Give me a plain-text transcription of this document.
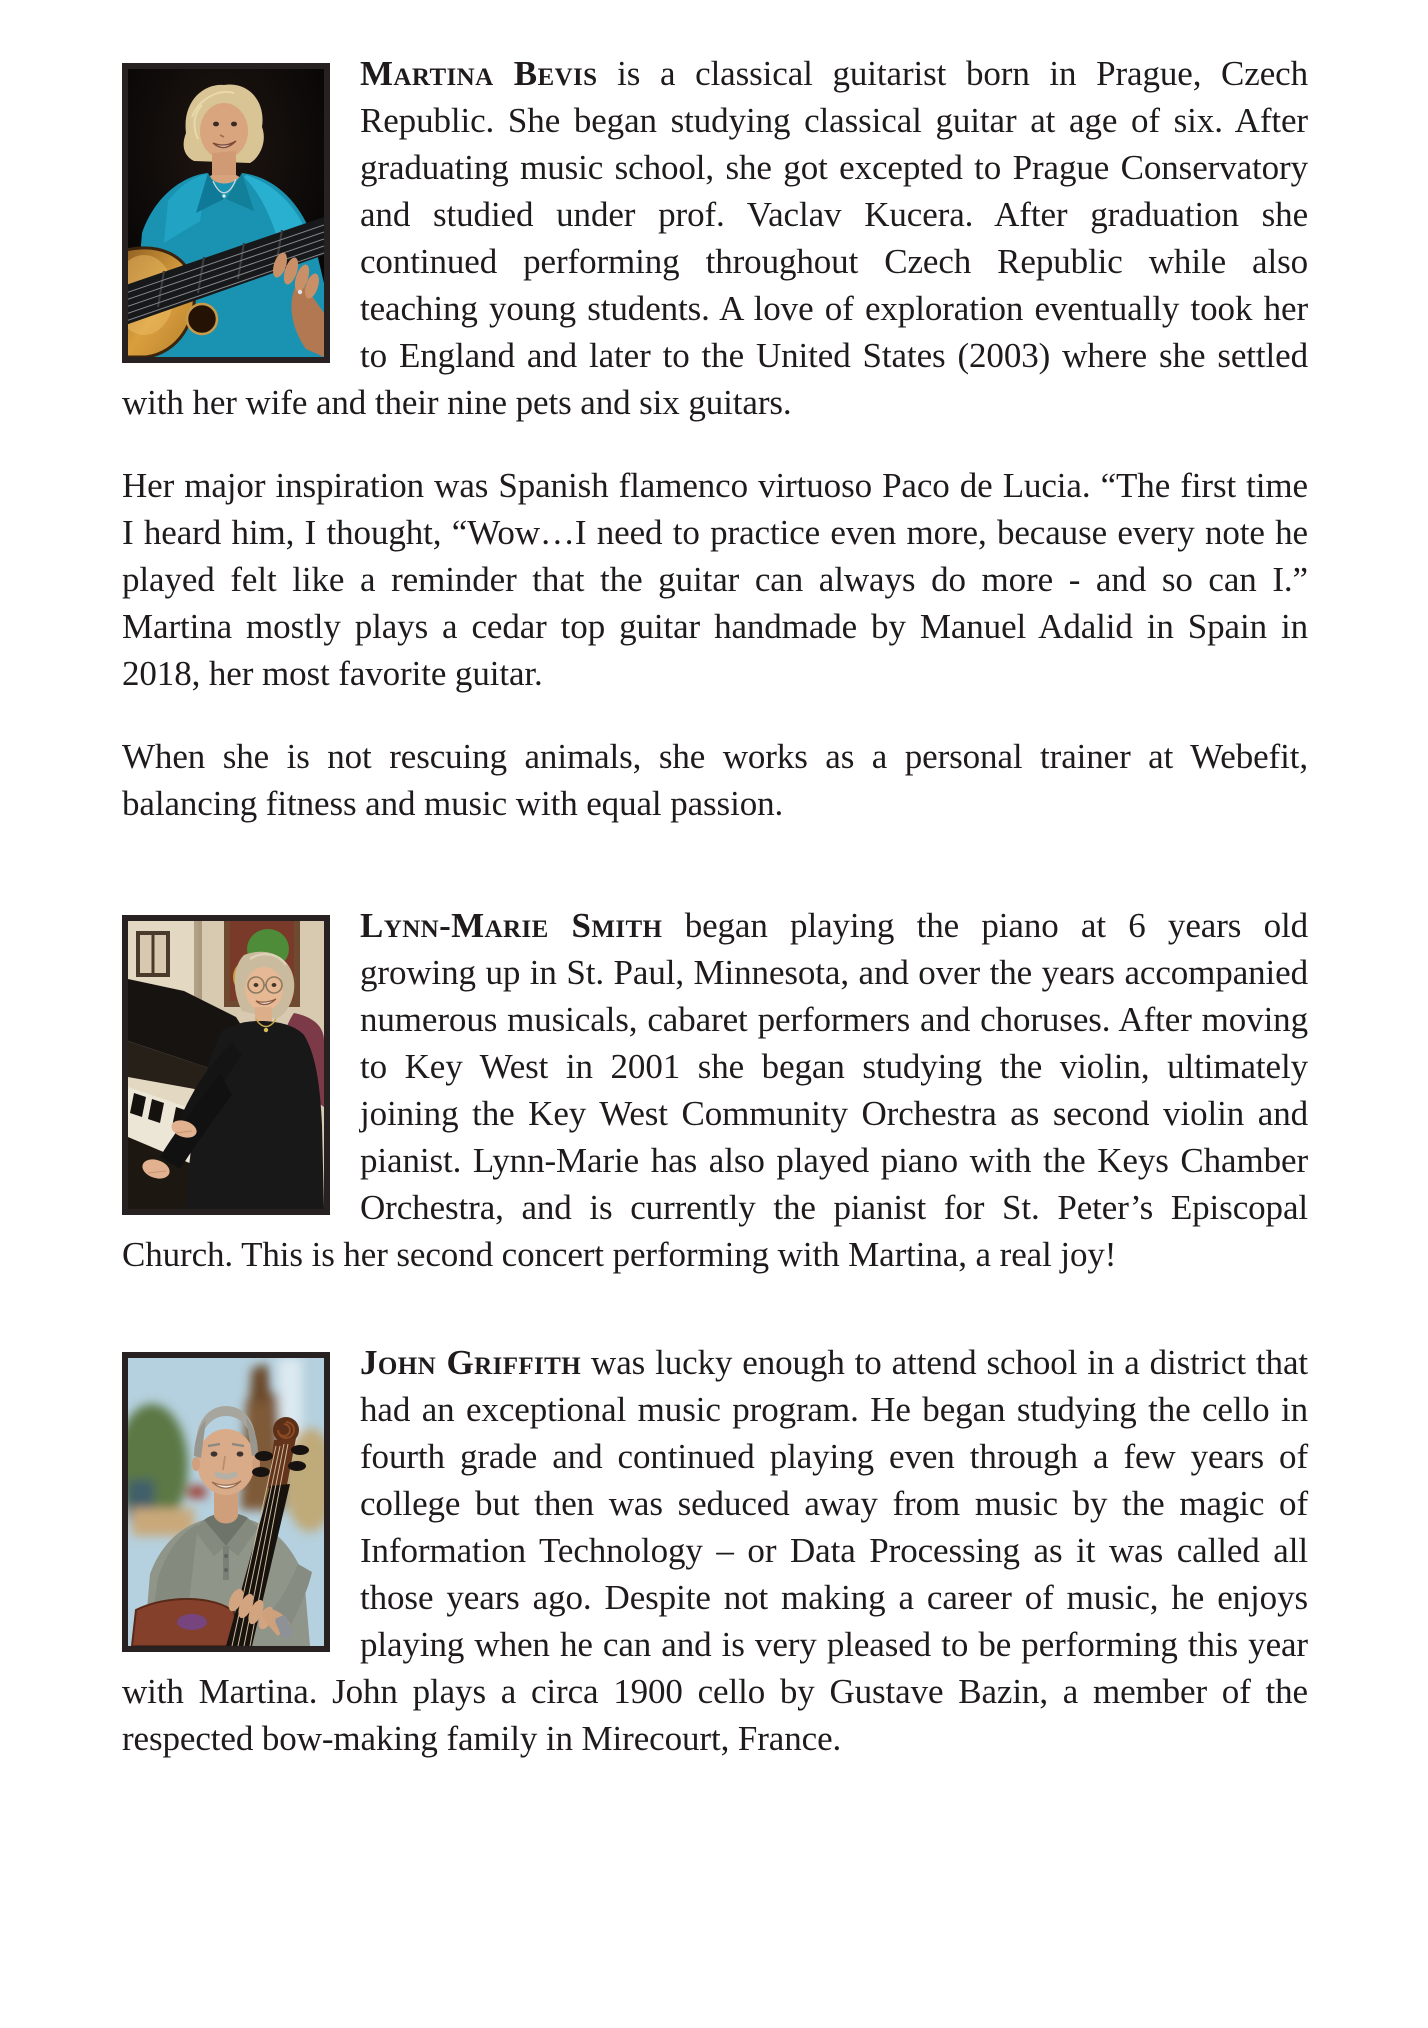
Martina Bevis is a classical guitarist born in Prague, Czech Republic. She began studying classical guitar at age of six. After graduating music school, she got excepted to Prague Conservatory and studied under prof. Vaclav Kucera. After graduation she continued performing throughout Czech Republic while also teaching young students. A love of exploration eventually took her to England and later to the United States (2003) where she settled with her wife and their nine pets and six guitars.

Her major inspiration was Spanish flamenco virtuoso Paco de Lucia. “The first time I heard him, I thought, “Wow…I need to practice even more, because every note he played felt like a reminder that the guitar can always do more - and so can I.” Martina mostly plays a cedar top guitar handmade by Manuel Adalid in Spain in 2018, her most favorite guitar.

When she is not rescuing animals, she works as a personal trainer at Webefit, balancing fitness and music with equal passion.

Lynn-Marie Smith began playing the piano at 6 years old growing up in St. Paul, Minnesota, and over the years accompanied numerous musicals, cabaret performers and choruses. After moving to Key West in 2001 she began studying the violin, ultimately joining the Key West Community Orchestra as second violin and pianist. Lynn-Marie has also played piano with the Keys Chamber Orchestra, and is currently the pianist for St. Peter’s Episcopal Church. This is her second concert performing with Martina, a real joy!

John Griffith was lucky enough to attend school in a district that had an exceptional music program. He began studying the cello in fourth grade and continued playing even through a few years of college but then was seduced away from music by the magic of Information Technology – or Data Processing as it was called all those years ago. Despite not making a career of music, he enjoys playing when he can and is very pleased to be performing this year with Martina. John plays a circa 1900 cello by Gustave Bazin, a member of the respected bow-making family in Mirecourt, France.
